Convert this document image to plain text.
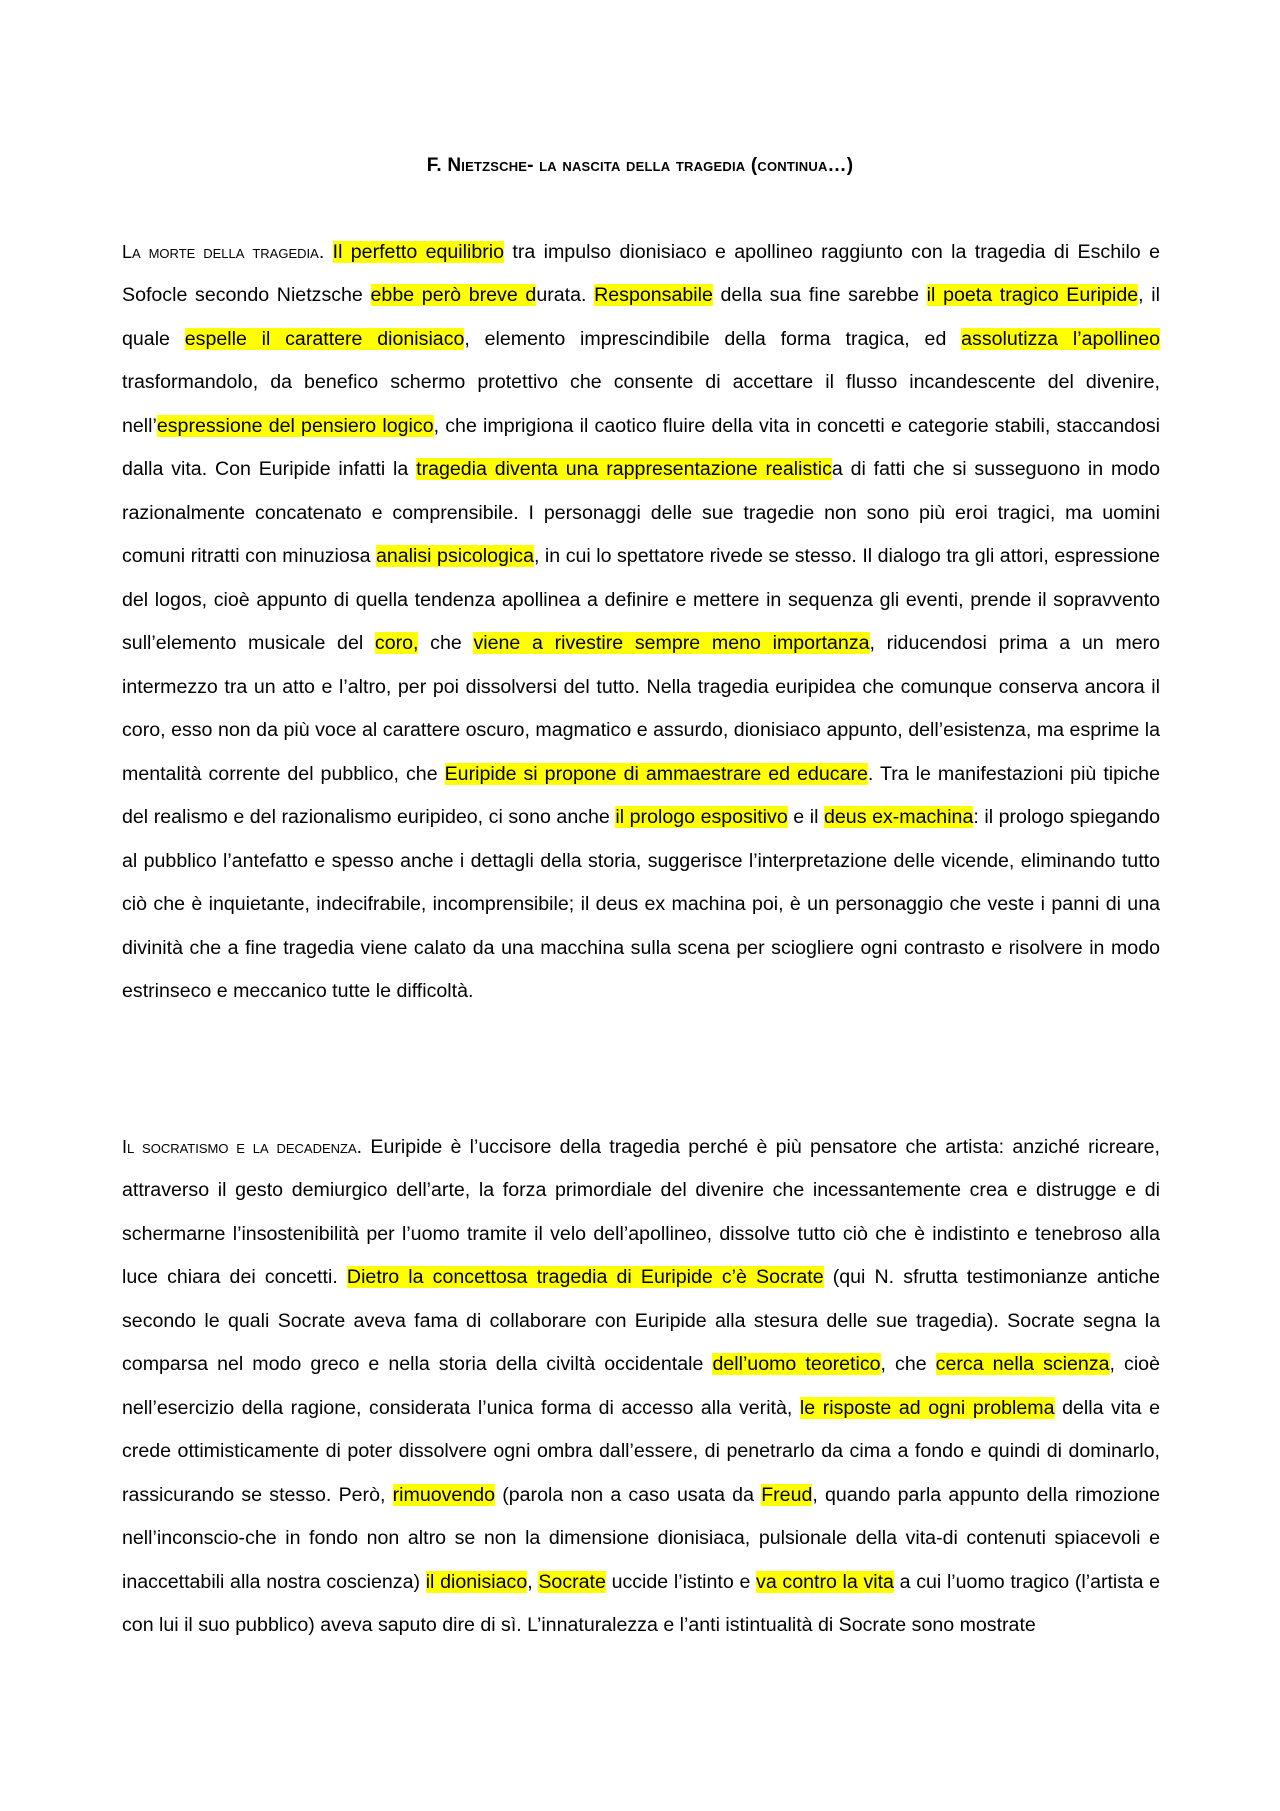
F. Nietzsche- la nascita della tragedia (continua…)

La morte della tragedia. Il perfetto equilibrio tra impulso dionisiaco e apollineo raggiunto con la tragedia di Eschilo e Sofocle secondo Nietzsche ebbe però breve durata. Responsabile della sua fine sarebbe il poeta tragico Euripide, il quale espelle il carattere dionisiaco, elemento imprescindibile della forma tragica, ed assolutizza l’apollineo trasformandolo, da benefico schermo protettivo che consente di accettare il flusso incandescente del divenire, nell’espressione del pensiero logico, che imprigiona il caotico fluire della vita in concetti e categorie stabili, staccandosi dalla vita. Con Euripide infatti la tragedia diventa una rappresentazione realistica di fatti che si susseguono in modo razionalmente concatenato e comprensibile. I personaggi delle sue tragedie non sono più eroi tragici, ma uomini comuni ritratti con minuziosa analisi psicologica, in cui lo spettatore rivede se stesso. Il dialogo tra gli attori, espressione del logos, cioè appunto di quella tendenza apollinea a definire e mettere in sequenza gli eventi, prende il sopravvento sull’elemento musicale del coro, che viene a rivestire sempre meno importanza, riducendosi prima a un mero intermezzo tra un atto e l’altro, per poi dissolversi del tutto. Nella tragedia euripidea che comunque conserva ancora il coro, esso non da più voce al carattere oscuro, magmatico e assurdo, dionisiaco appunto, dell’esistenza, ma esprime la mentalità corrente del pubblico, che Euripide si propone di ammaestrare ed educare. Tra le manifestazioni più tipiche del realismo e del razionalismo euripideo, ci sono anche il prologo espositivo e il deus ex-machina: il prologo spiegando al pubblico l’antefatto e spesso anche i dettagli della storia, suggerisce l’interpretazione delle vicende, eliminando tutto ciò che è inquietante, indecifrabile, incomprensibile; il deus ex machina poi, è un personaggio che veste i panni di una divinità che a fine tragedia viene calato da una macchina sulla scena per sciogliere ogni contrasto e risolvere in modo estrinseco e meccanico tutte le difficoltà.

Il socratismo e la decadenza. Euripide è l’uccisore della tragedia perché è più pensatore che artista: anziché ricreare, attraverso il gesto demiurgico dell’arte, la forza primordiale del divenire che incessantemente crea e distrugge e di schermarne l’insostenibilità per l’uomo tramite il velo dell’apollineo, dissolve tutto ciò che è indistinto e tenebroso alla luce chiara dei concetti. Dietro la concettosa tragedia di Euripide c’è Socrate (qui N. sfrutta testimonianze antiche secondo le quali Socrate aveva fama di collaborare con Euripide alla stesura delle sue tragedia). Socrate segna la comparsa nel modo greco e nella storia della civiltà occidentale dell’uomo teoretico, che cerca nella scienza, cioè nell’esercizio della ragione, considerata l’unica forma di accesso alla verità, le risposte ad ogni problema della vita e crede ottimisticamente di poter dissolvere ogni ombra dall’essere, di penetrarlo da cima a fondo e quindi di dominarlo, rassicurando se stesso. Però, rimuovendo (parola non a caso usata da Freud, quando parla appunto della rimozione nell’inconscio-che in fondo non altro se non la dimensione dionisiaca, pulsionale della vita-di contenuti spiacevoli e inaccettabili alla nostra coscienza) il dionisiaco, Socrate uccide l’istinto e va contro la vita a cui l’uomo tragico (l’artista e con lui il suo pubblico) aveva saputo dire di sì. L’innaturalezza e l’anti istintualità di Socrate sono mostrate
